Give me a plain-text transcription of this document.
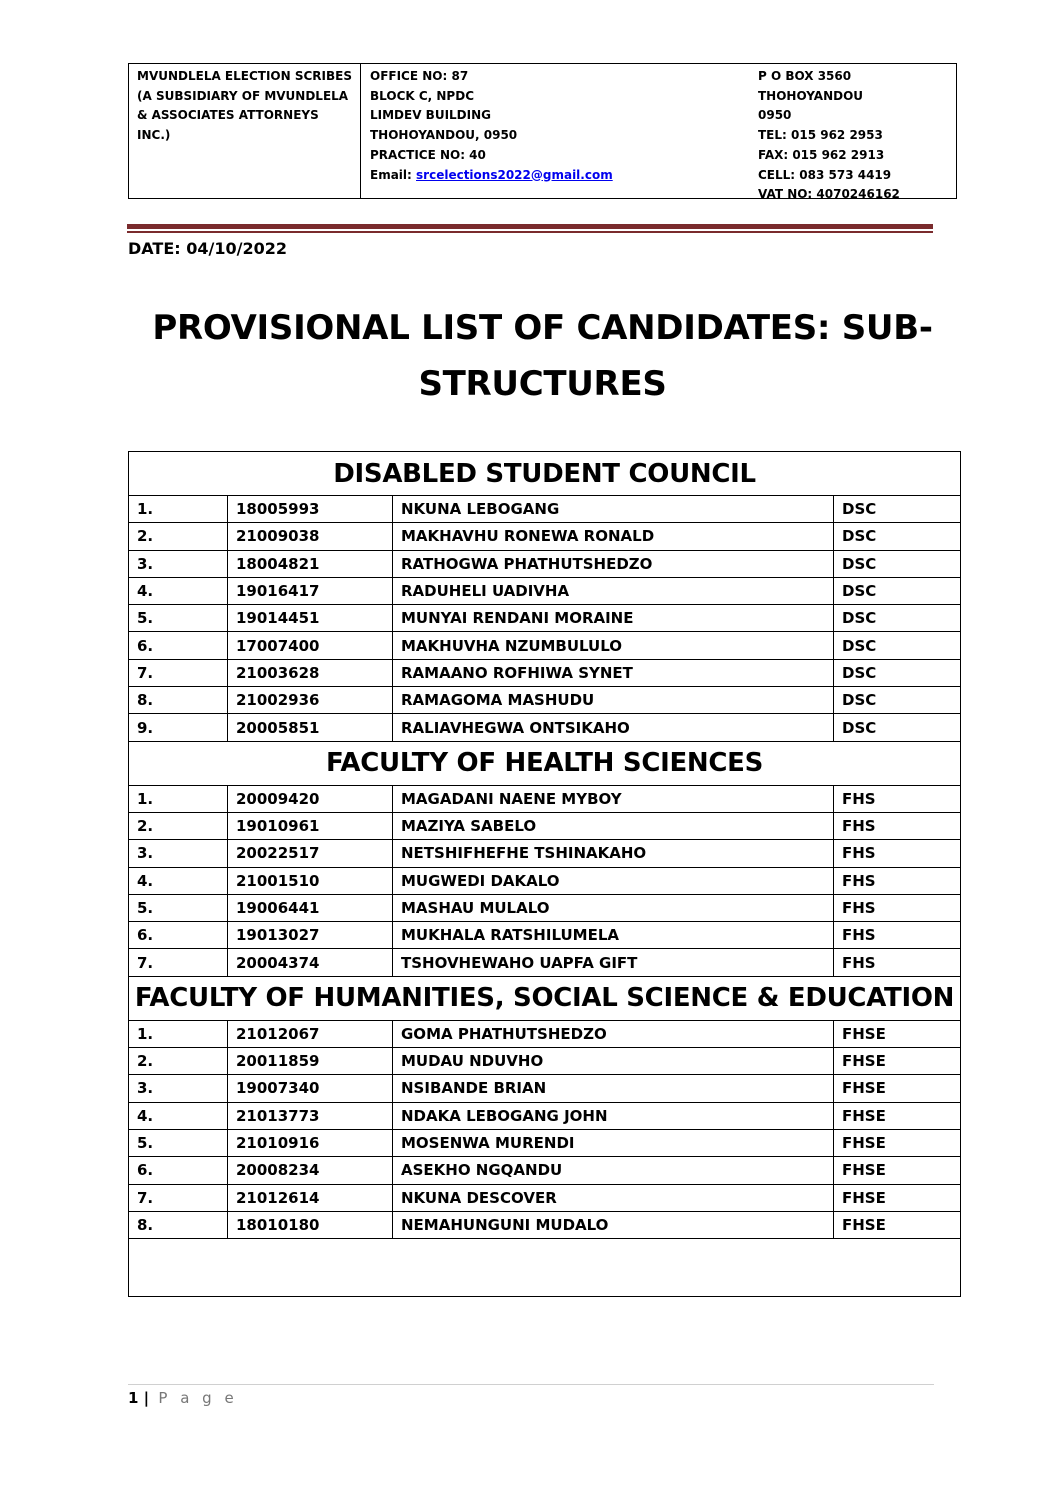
MVUNDLELA ELECTION SCRIBES
(A SUBSIDIARY OF MVUNDLELA
& ASSOCIATES ATTORNEYS
INC.)
OFFICE NO: 87
BLOCK C, NPDC
LIMDEV BUILDING
THOHOYANDOU, 0950
PRACTICE NO: 40
Email: srcelections2022@gmail.com
P O BOX 3560
THOHOYANDOU
0950
TEL: 015 962 2953
FAX: 015 962 2913
CELL: 083 573 4419
VAT NO: 4070246162
DATE: 04/10/2022
PROVISIONAL LIST OF CANDIDATES: SUB-
STRUCTURES
DISABLED STUDENT COUNCIL			
1.	18005993	NKUNA LEBOGANG	DSC
2.	21009038	MAKHAVHU RONEWA RONALD	DSC
3.	18004821	RATHOGWA PHATHUTSHEDZO	DSC
4.	19016417	RADUHELI UADIVHA	DSC
5.	19014451	MUNYAI RENDANI MORAINE	DSC
6.	17007400	MAKHUVHA NZUMBULULO	DSC
7.	21003628	RAMAANO ROFHIWA SYNET	DSC
8.	21002936	RAMAGOMA MASHUDU	DSC
9.	20005851	RALIAVHEGWA ONTSIKAHO	DSC
FACULTY OF HEALTH SCIENCES			
1.	20009420	MAGADANI NAENE MYBOY	FHS
2.	19010961	MAZIYA SABELO	FHS
3.	20022517	NETSHIFHEFHE TSHINAKAHO	FHS
4.	21001510	MUGWEDI DAKALO	FHS
5.	19006441	MASHAU MULALO	FHS
6.	19013027	MUKHALA RATSHILUMELA	FHS
7.	20004374	TSHOVHEWAHO UAPFA GIFT	FHS
FACULTY OF HUMANITIES, SOCIAL SCIENCE & EDUCATION			
1.	21012067	GOMA PHATHUTSHEDZO	FHSE
2.	20011859	MUDAU NDUVHO	FHSE
3.	19007340	NSIBANDE BRIAN	FHSE
4.	21013773	NDAKA LEBOGANG JOHN	FHSE
5.	21010916	MOSENWA MURENDI	FHSE
6.	20008234	ASEKHO NGQANDU	FHSE
7.	21012614	NKUNA DESCOVER	FHSE
8.	18010180	NEMAHUNGUNI MUDALO	FHSE

1 | P a g e
